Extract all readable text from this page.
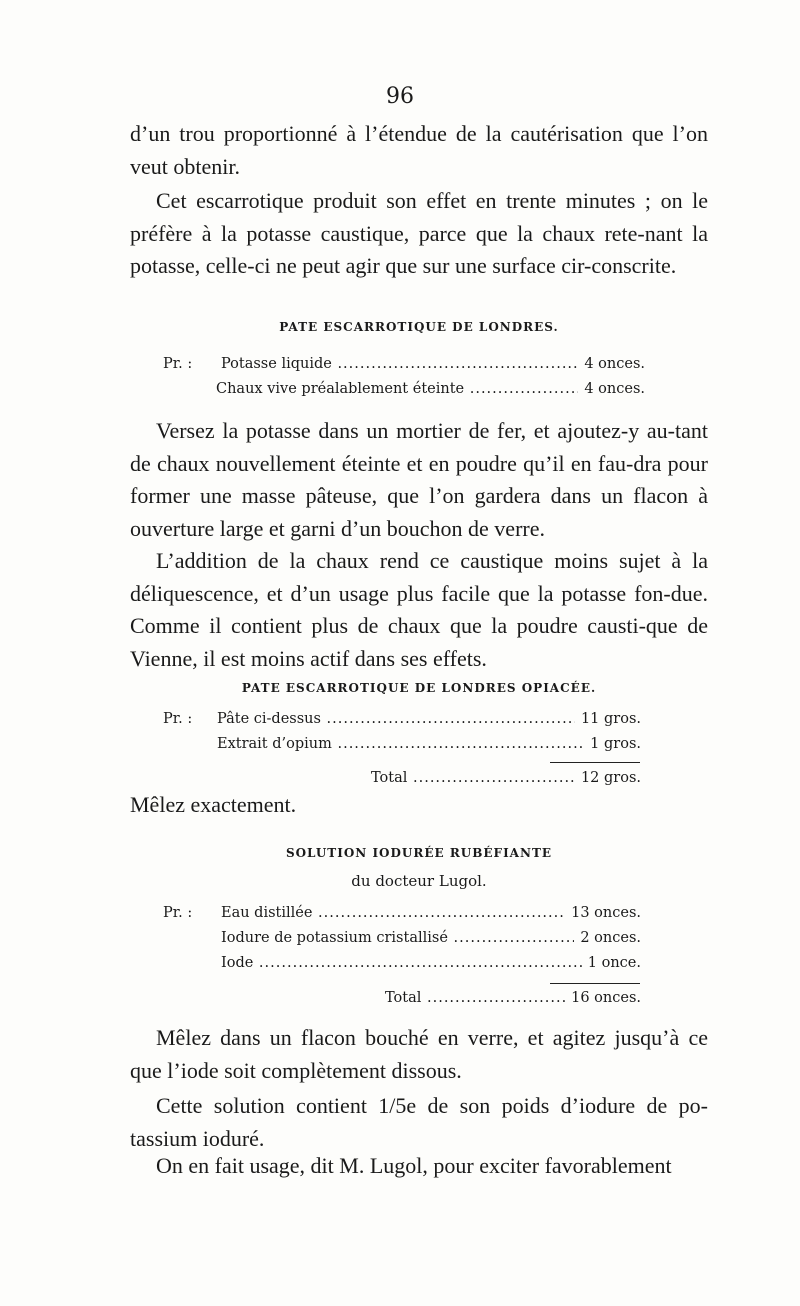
96

d’un trou proportionné à l’étendue de la cautérisation que l’on veut obtenir.

Cet escarrotique produit son effet en trente minutes ; on le préfère à la potasse caustique, parce que la chaux rete-nant la potasse, celle-ci ne peut agir que sur une surface cir-conscrite.

PATE ESCARROTIQUE DE LONDRES.
Pr. : Potasse liquide .....	4 onces.
Chaux vive préalablement éteinte .....	4 onces.

Versez la potasse dans un mortier de fer, et ajoutez-y au-tant de chaux nouvellement éteinte et en poudre qu’il en fau-dra pour former une masse pâteuse, que l’on gardera dans un flacon à ouverture large et garni d’un bouchon de verre.

L’addition de la chaux rend ce caustique moins sujet à la déliquescence, et d’un usage plus facile que la potasse fon-due. Comme il contient plus de chaux que la poudre causti-que de Vienne, il est moins actif dans ses effets.

PATE ESCARROTIQUE DE LONDRES OPIACÉE.
Pr. : Pâte ci-dessus .....	11 gros.
Extrait d’opium .....	1 gros.
Total .....	12 gros.

Mêlez exactement.

SOLUTION IODURÉE RUBÉFIANTE
du docteur Lugol.
Pr. : Eau distillée .....	13 onces.
Iodure de potassium cristallisé .....	2 onces.
Iode .....	1 once.
Total .....	16 onces.

Mêlez dans un flacon bouché en verre, et agitez jusqu’à ce que l’iode soit complètement dissous.

Cette solution contient 1/5e de son poids d’iodure de po-tassium ioduré.

On en fait usage, dit M. Lugol, pour exciter favorablement
